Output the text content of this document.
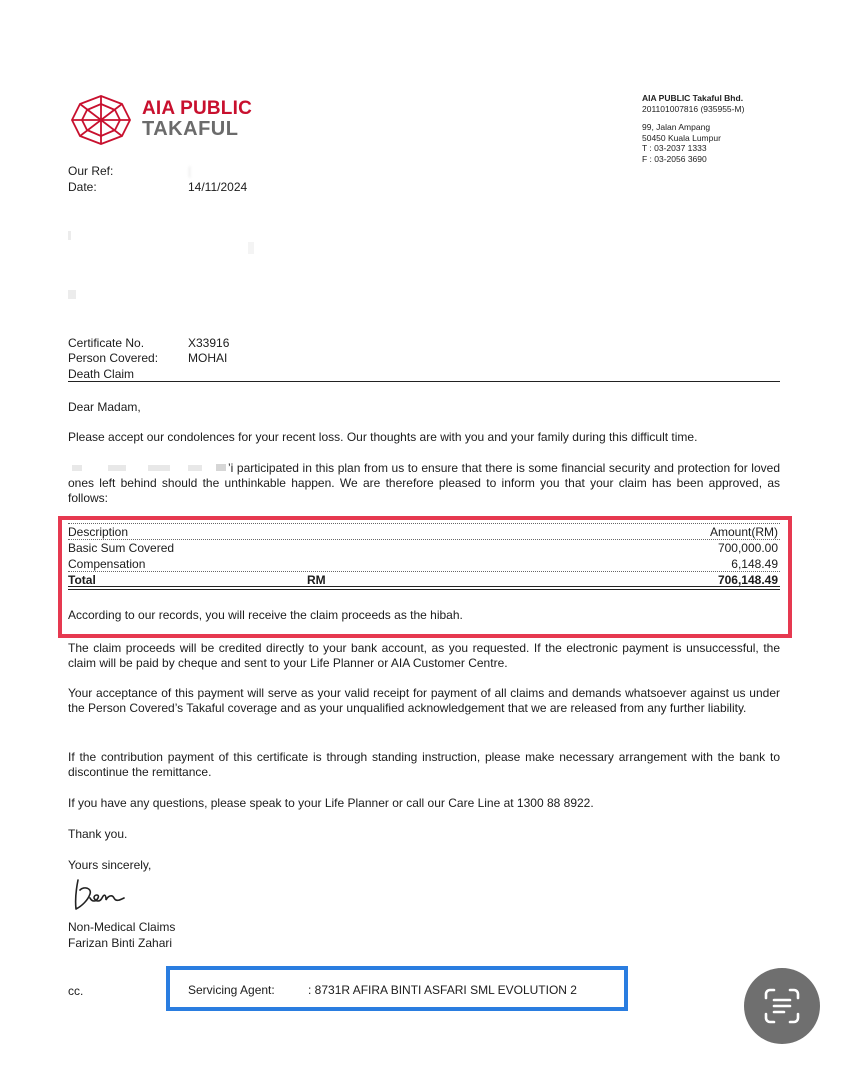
AIA PUBLIC
TAKAFUL
AIA PUBLIC Takaful Bhd.
201101007816 (935955-M)
99, Jalan Ampang
50450 Kuala Lumpur
T : 03-2037 1333
F : 03-2056 3690
Our Ref:	|
Date:	14/11/2024
Certificate No.	X33916
Person Covered: MOHAI
Death Claim
Dear Madam,
Please accept our condolences for your recent loss. Our thoughts are with you and your family during this difficult time.
’i participated in this plan from us to ensure that there is some financial security and protection for loved ones left behind should the unthinkable happen. We are therefore pleased to inform you that your claim has been approved, as follows:
Description	Amount(RM)
Basic Sum Covered	700,000.00
Compensation	6,148.49
Total	RM	706,148.49
According to our records, you will receive the claim proceeds as the hibah.
The claim proceeds will be credited directly to your bank account, as you requested. If the electronic payment is unsuccessful, the claim will be paid by cheque and sent to your Life Planner or AIA Customer Centre.
Your acceptance of this payment will serve as your valid receipt for payment of all claims and demands whatsoever against us under the Person Covered’s Takaful coverage and as your unqualified acknowledgement that we are released from any further liability.
If the contribution payment of this certificate is through standing instruction, please make necessary arrangement with the bank to discontinue the remittance.
If you have any questions, please speak to your Life Planner or call our Care Line at 1300 88 8922.
Thank you.
Yours sincerely,
Non-Medical Claims
Farizan Binti Zahari
cc.	Servicing Agent:	: 8731R AFIRA BINTI ASFARI SML EVOLUTION 2
